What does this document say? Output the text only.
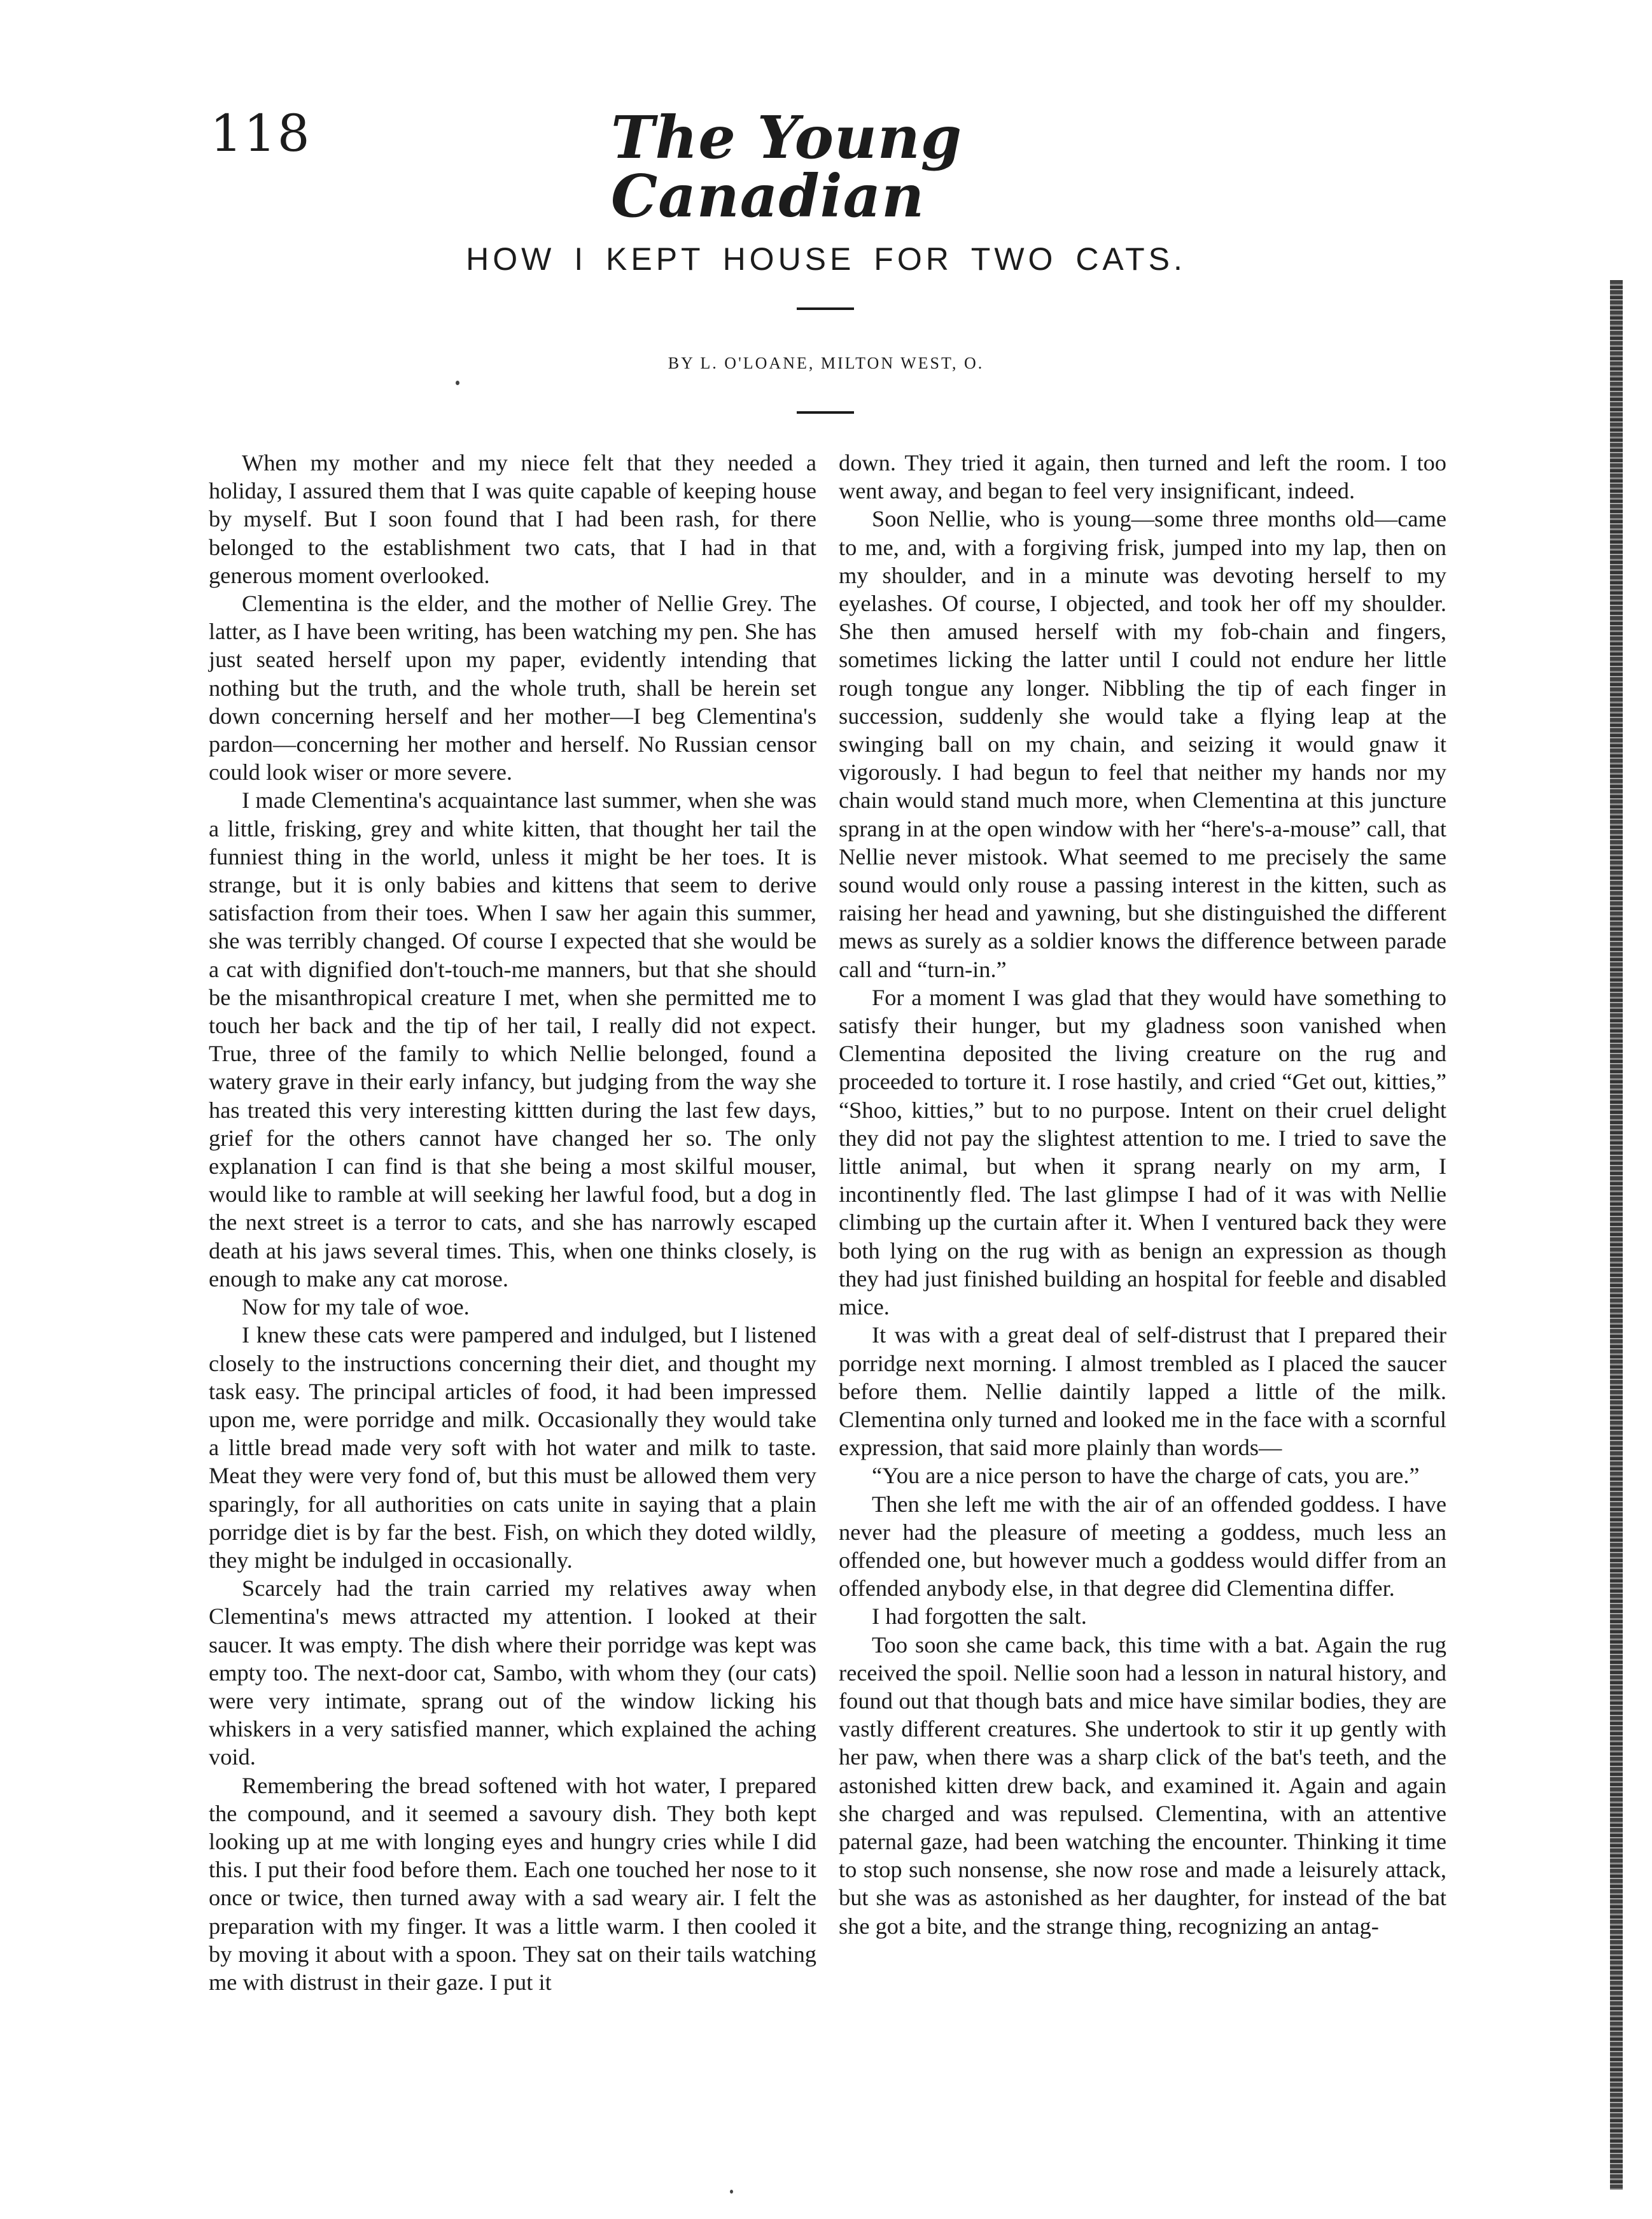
118	The Young Canadian
HOW I KEPT HOUSE FOR TWO CATS.
BY L. O'LOANE, MILTON WEST, O.

When my mother and my niece felt that they needed a holiday, I assured them that I was quite capable of keeping house by myself. But I soon found that I had been rash, for there belonged to the establishment two cats, that I had in that generous moment overlooked.

Clementina is the elder, and the mother of Nellie Grey. The latter, as I have been writing, has been watching my pen. She has just seated herself upon my paper, evidently intending that nothing but the truth, and the whole truth, shall be herein set down concerning herself and her mother—I beg Clementina's pardon—concerning her mother and herself. No Russian censor could look wiser or more severe.

I made Clementina's acquaintance last summer, when she was a little, frisking, grey and white kitten, that thought her tail the funniest thing in the world, unless it might be her toes. It is strange, but it is only babies and kittens that seem to derive satisfaction from their toes. When I saw her again this summer, she was terribly changed. Of course I expected that she would be a cat with dignified don't-touch-me manners, but that she should be the misanthropical creature I met, when she permitted me to touch her back and the tip of her tail, I really did not expect. True, three of the family to which Nellie belonged, found a watery grave in their early infancy, but judging from the way she has treated this very interesting kittten during the last few days, grief for the others cannot have changed her so. The only explanation I can find is that she being a most skilful mouser, would like to ramble at will seeking her lawful food, but a dog in the next street is a terror to cats, and she has narrowly escaped death at his jaws several times. This, when one thinks closely, is enough to make any cat morose.

Now for my tale of woe.

I knew these cats were pampered and indulged, but I listened closely to the instructions concerning their diet, and thought my task easy. The principal articles of food, it had been impressed upon me, were porridge and milk. Occasionally they would take a little bread made very soft with hot water and milk to taste. Meat they were very fond of, but this must be allowed them very sparingly, for all authorities on cats unite in saying that a plain porridge diet is by far the best. Fish, on which they doted wildly, they might be indulged in occasionally.

Scarcely had the train carried my relatives away when Clementina's mews attracted my attention. I looked at their saucer. It was empty. The dish where their porridge was kept was empty too. The next-door cat, Sambo, with whom they (our cats) were very intimate, sprang out of the window licking his whiskers in a very satisfied manner, which explained the aching void.

Remembering the bread softened with hot water, I prepared the compound, and it seemed a savoury dish. They both kept looking up at me with longing eyes and hungry cries while I did this. I put their food before them. Each one touched her nose to it once or twice, then turned away with a sad weary air. I felt the preparation with my finger. It was a little warm. I then cooled it by moving it about with a spoon. They sat on their tails watching me with distrust in their gaze. I put it

down. They tried it again, then turned and left the room. I too went away, and began to feel very insignificant, indeed.

Soon Nellie, who is young—some three months old—came to me, and, with a forgiving frisk, jumped into my lap, then on my shoulder, and in a minute was devoting herself to my eyelashes. Of course, I objected, and took her off my shoulder. She then amused herself with my fob-chain and fingers, sometimes licking the latter until I could not endure her little rough tongue any longer. Nibbling the tip of each finger in succession, suddenly she would take a flying leap at the swinging ball on my chain, and seizing it would gnaw it vigorously. I had begun to feel that neither my hands nor my chain would stand much more, when Clementina at this juncture sprang in at the open window with her “here's-a-mouse” call, that Nellie never mistook. What seemed to me precisely the same sound would only rouse a passing interest in the kitten, such as raising her head and yawning, but she distinguished the different mews as surely as a soldier knows the difference between parade call and “turn-in.”

For a moment I was glad that they would have something to satisfy their hunger, but my gladness soon vanished when Clementina deposited the living creature on the rug and proceeded to torture it. I rose hastily, and cried “Get out, kitties,” “Shoo, kitties,” but to no purpose. Intent on their cruel delight they did not pay the slightest attention to me. I tried to save the little animal, but when it sprang nearly on my arm, I incontinently fled. The last glimpse I had of it was with Nellie climbing up the curtain after it. When I ventured back they were both lying on the rug with as benign an expression as though they had just finished building an hospital for feeble and disabled mice.

It was with a great deal of self-distrust that I prepared their porridge next morning. I almost trembled as I placed the saucer before them. Nellie daintily lapped a little of the milk. Clementina only turned and looked me in the face with a scornful expression, that said more plainly than words—

“You are a nice person to have the charge of cats, you are.”

Then she left me with the air of an offended goddess. I have never had the pleasure of meeting a goddess, much less an offended one, but however much a goddess would differ from an offended anybody else, in that degree did Clementina differ.

I had forgotten the salt.

Too soon she came back, this time with a bat. Again the rug received the spoil. Nellie soon had a lesson in natural history, and found out that though bats and mice have similar bodies, they are vastly different creatures. She undertook to stir it up gently with her paw, when there was a sharp click of the bat's teeth, and the astonished kitten drew back, and examined it. Again and again she charged and was repulsed. Clementina, with an attentive paternal gaze, had been watching the encounter. Thinking it time to stop such nonsense, she now rose and made a leisurely attack, but she was as astonished as her daughter, for instead of the bat she got a bite, and the strange thing, recognizing an antag-
